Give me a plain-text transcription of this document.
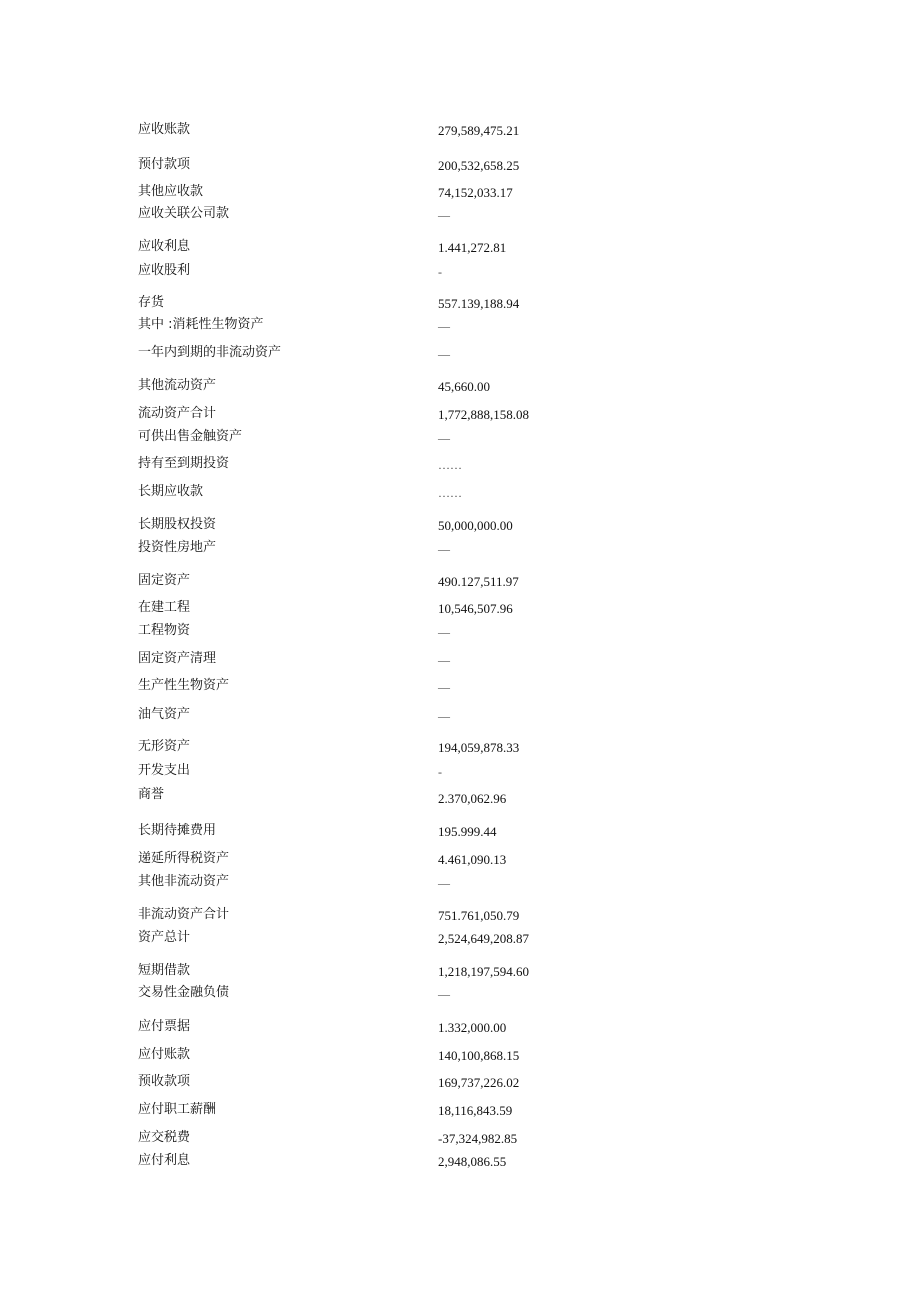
应收账款	279,589,475.21
预付款项	200,532,658.25
其他应收款	74,152,033.17
应收关联公司款	—
应收利息	1.441,272.81
应收股利	-
存货	557.139,188.94
其中 :消耗性生物资产	—
一年内到期的非流动资产	—
其他流动资产	45,660.00
流动资产合计	1,772,888,158.08
可供出售金触资产	—
持有至到期投资	……
长期应收款	……
长期股权投资	50,000,000.00
投资性房地产	—
固定资产	490.127,511.97
在建工程	10,546,507.96
工程物资	—
固定资产清理	—
生产性生物资产	—
油气资产	—
无形资产	194,059,878.33
开发支出	-
商誉	2.370,062.96
长期待摊费用	195.999.44
递延所得税资产	4.461,090.13
其他非流动资产	—
非流动资产合计	751.761,050.79
资产总计	2,524,649,208.87
短期借款	1,218,197,594.60
交易性金融负债	—
应付票据	1.332,000.00
应付账款	140,100,868.15
预收款项	169,737,226.02
应付职工薪酬	18,116,843.59
应交税费	-37,324,982.85
应付利息	2,948,086.55
